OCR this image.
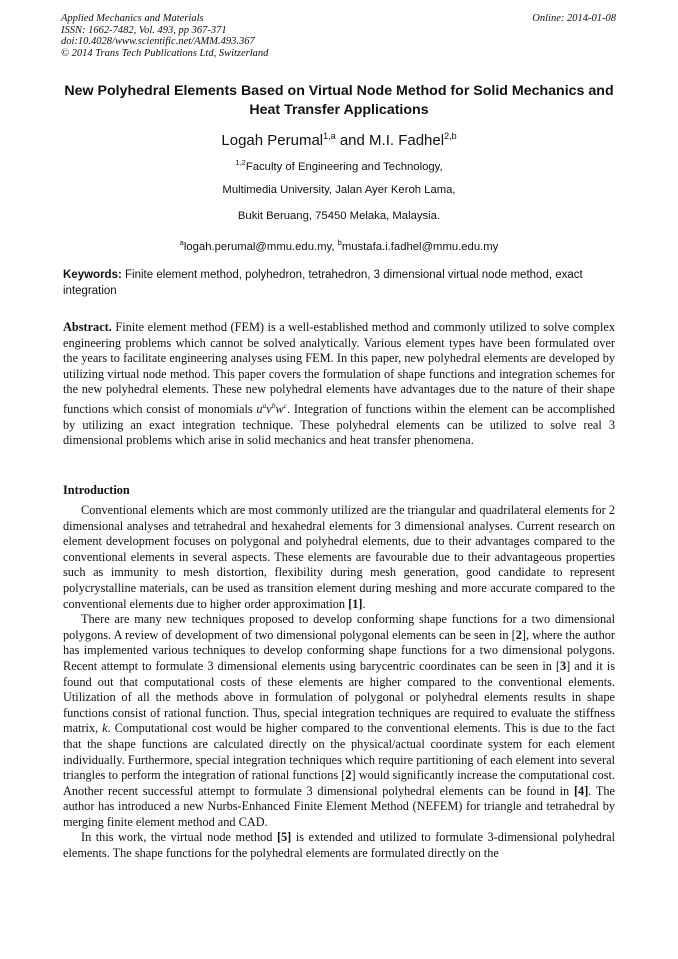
Applied Mechanics and Materials
ISSN: 1662-7482, Vol. 493, pp 367-371
doi:10.4028/www.scientific.net/AMM.493.367
© 2014 Trans Tech Publications Ltd, Switzerland
Online: 2014-01-08
New Polyhedral Elements Based on Virtual Node Method for Solid Mechanics and Heat Transfer Applications
Logah Perumal$^{1,a}$ and M.I. Fadhel$^{2,b}$
$^{1,2}$Faculty of Engineering and Technology,
Multimedia University, Jalan Ayer Keroh Lama,
Bukit Beruang, 75450 Melaka, Malaysia.
$^a$logah.perumal@mmu.edu.my, $^b$mustafa.i.fadhel@mmu.edu.my
Keywords: Finite element method, polyhedron, tetrahedron, 3 dimensional virtual node method, exact integration

Abstract. Finite element method (FEM) is a well-established method and commonly utilized to solve complex engineering problems which cannot be solved analytically. Various element types have been formulated over the years to facilitate engineering analyses using FEM. In this paper, new polyhedral elements are developed by utilizing virtual node method. This paper covers the formulation of shape functions and integration schemes for the new polyhedral elements. These new polyhedral elements have advantages due to the nature of their shape functions which consist of monomials $u^av^bw^c$. Integration of functions within the element can be accomplished by utilizing an exact integration technique. These polyhedral elements can be utilized to solve real 3 dimensional problems which arise in solid mechanics and heat transfer phenomena.

Introduction

Conventional elements which are most commonly utilized are the triangular and quadrilateral elements for 2 dimensional analyses and tetrahedral and hexahedral elements for 3 dimensional analyses. Current research on element development focuses on polygonal and polyhedral elements, due to their advantages compared to the conventional elements in several aspects. These elements are favourable due to their advantageous properties such as immunity to mesh distortion, flexibility during mesh generation, good candidate to represent polycrystalline materials, can be used as transition element during meshing and more accurate compared to the conventional elements due to higher order approximation [1].

There are many new techniques proposed to develop conforming shape functions for a two dimensional polygons. A review of development of two dimensional polygonal elements can be seen in [2], where the author has implemented various techniques to develop conforming shape functions for a two dimensional polygons. Recent attempt to formulate 3 dimensional elements using barycentric coordinates can be seen in [3] and it is found out that computational costs of these elements are higher compared to the conventional elements. Utilization of all the methods above in formulation of polygonal or polyhedral elements results in shape functions consist of rational function. Thus, special integration techniques are required to evaluate the stiffness matrix, k. Computational cost would be higher compared to the conventional elements. This is due to the fact that the shape functions are calculated directly on the physical/actual coordinate system for each element individually. Furthermore, special integration techniques which require partitioning of each element into several triangles to perform the integration of rational functions [2] would significantly increase the computational cost. Another recent successful attempt to formulate 3 dimensional polyhedral elements can be found in [4]. The author has introduced a new Nurbs-Enhanced Finite Element Method (NEFEM) for triangle and tetrahedral by merging finite element method and CAD.

In this work, the virtual node method [5] is extended and utilized to formulate 3-dimensional polyhedral elements. The shape functions for the polyhedral elements are formulated directly on the
